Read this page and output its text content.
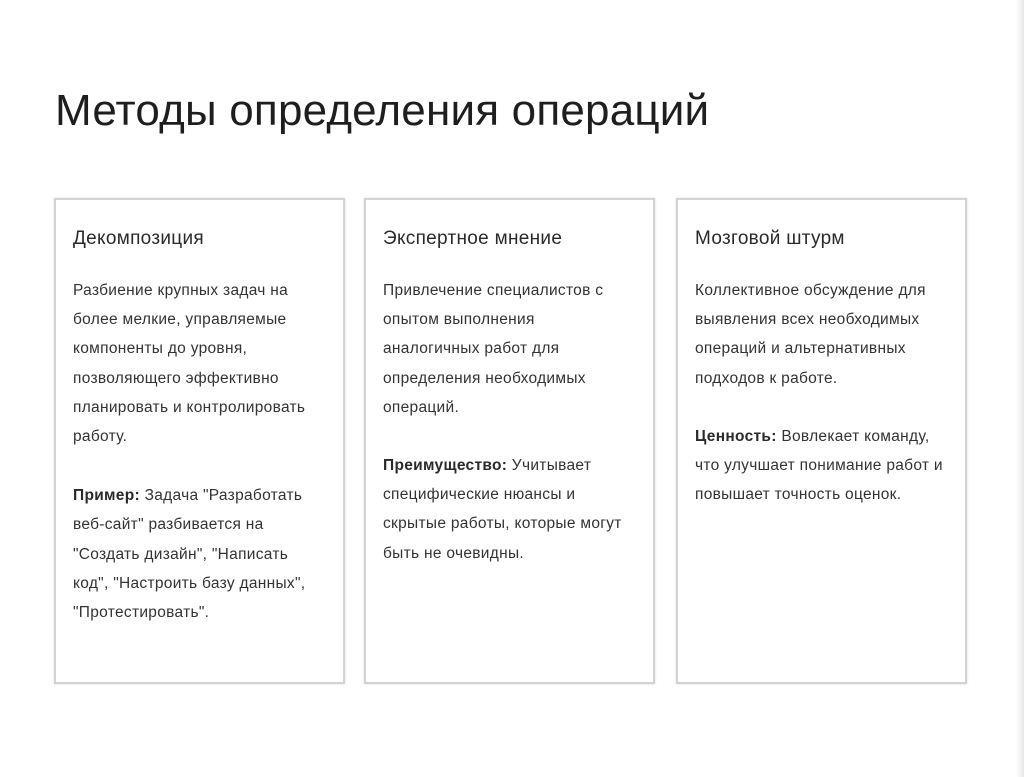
Методы определения операций
Декомпозиция

Разбиение крупных задач на более мелкие, управляемые компоненты до уровня, позволяющего эффективно планировать и контролировать работу.

Пример: Задача "Разработать веб-сайт" разбивается на "Создать дизайн", "Написать код", "Настроить базу данных", "Протестировать".

Экспертное мнение

Привлечение специалистов с опытом выполнения аналогичных работ для определения необходимых операций.

Преимущество: Учитывает специфические нюансы и скрытые работы, которые могут быть не очевидны.

Мозговой штурм

Коллективное обсуждение для выявления всех необходимых операций и альтернативных подходов к работе.

Ценность: Вовлекает команду, что улучшает понимание работ и повышает точность оценок.
